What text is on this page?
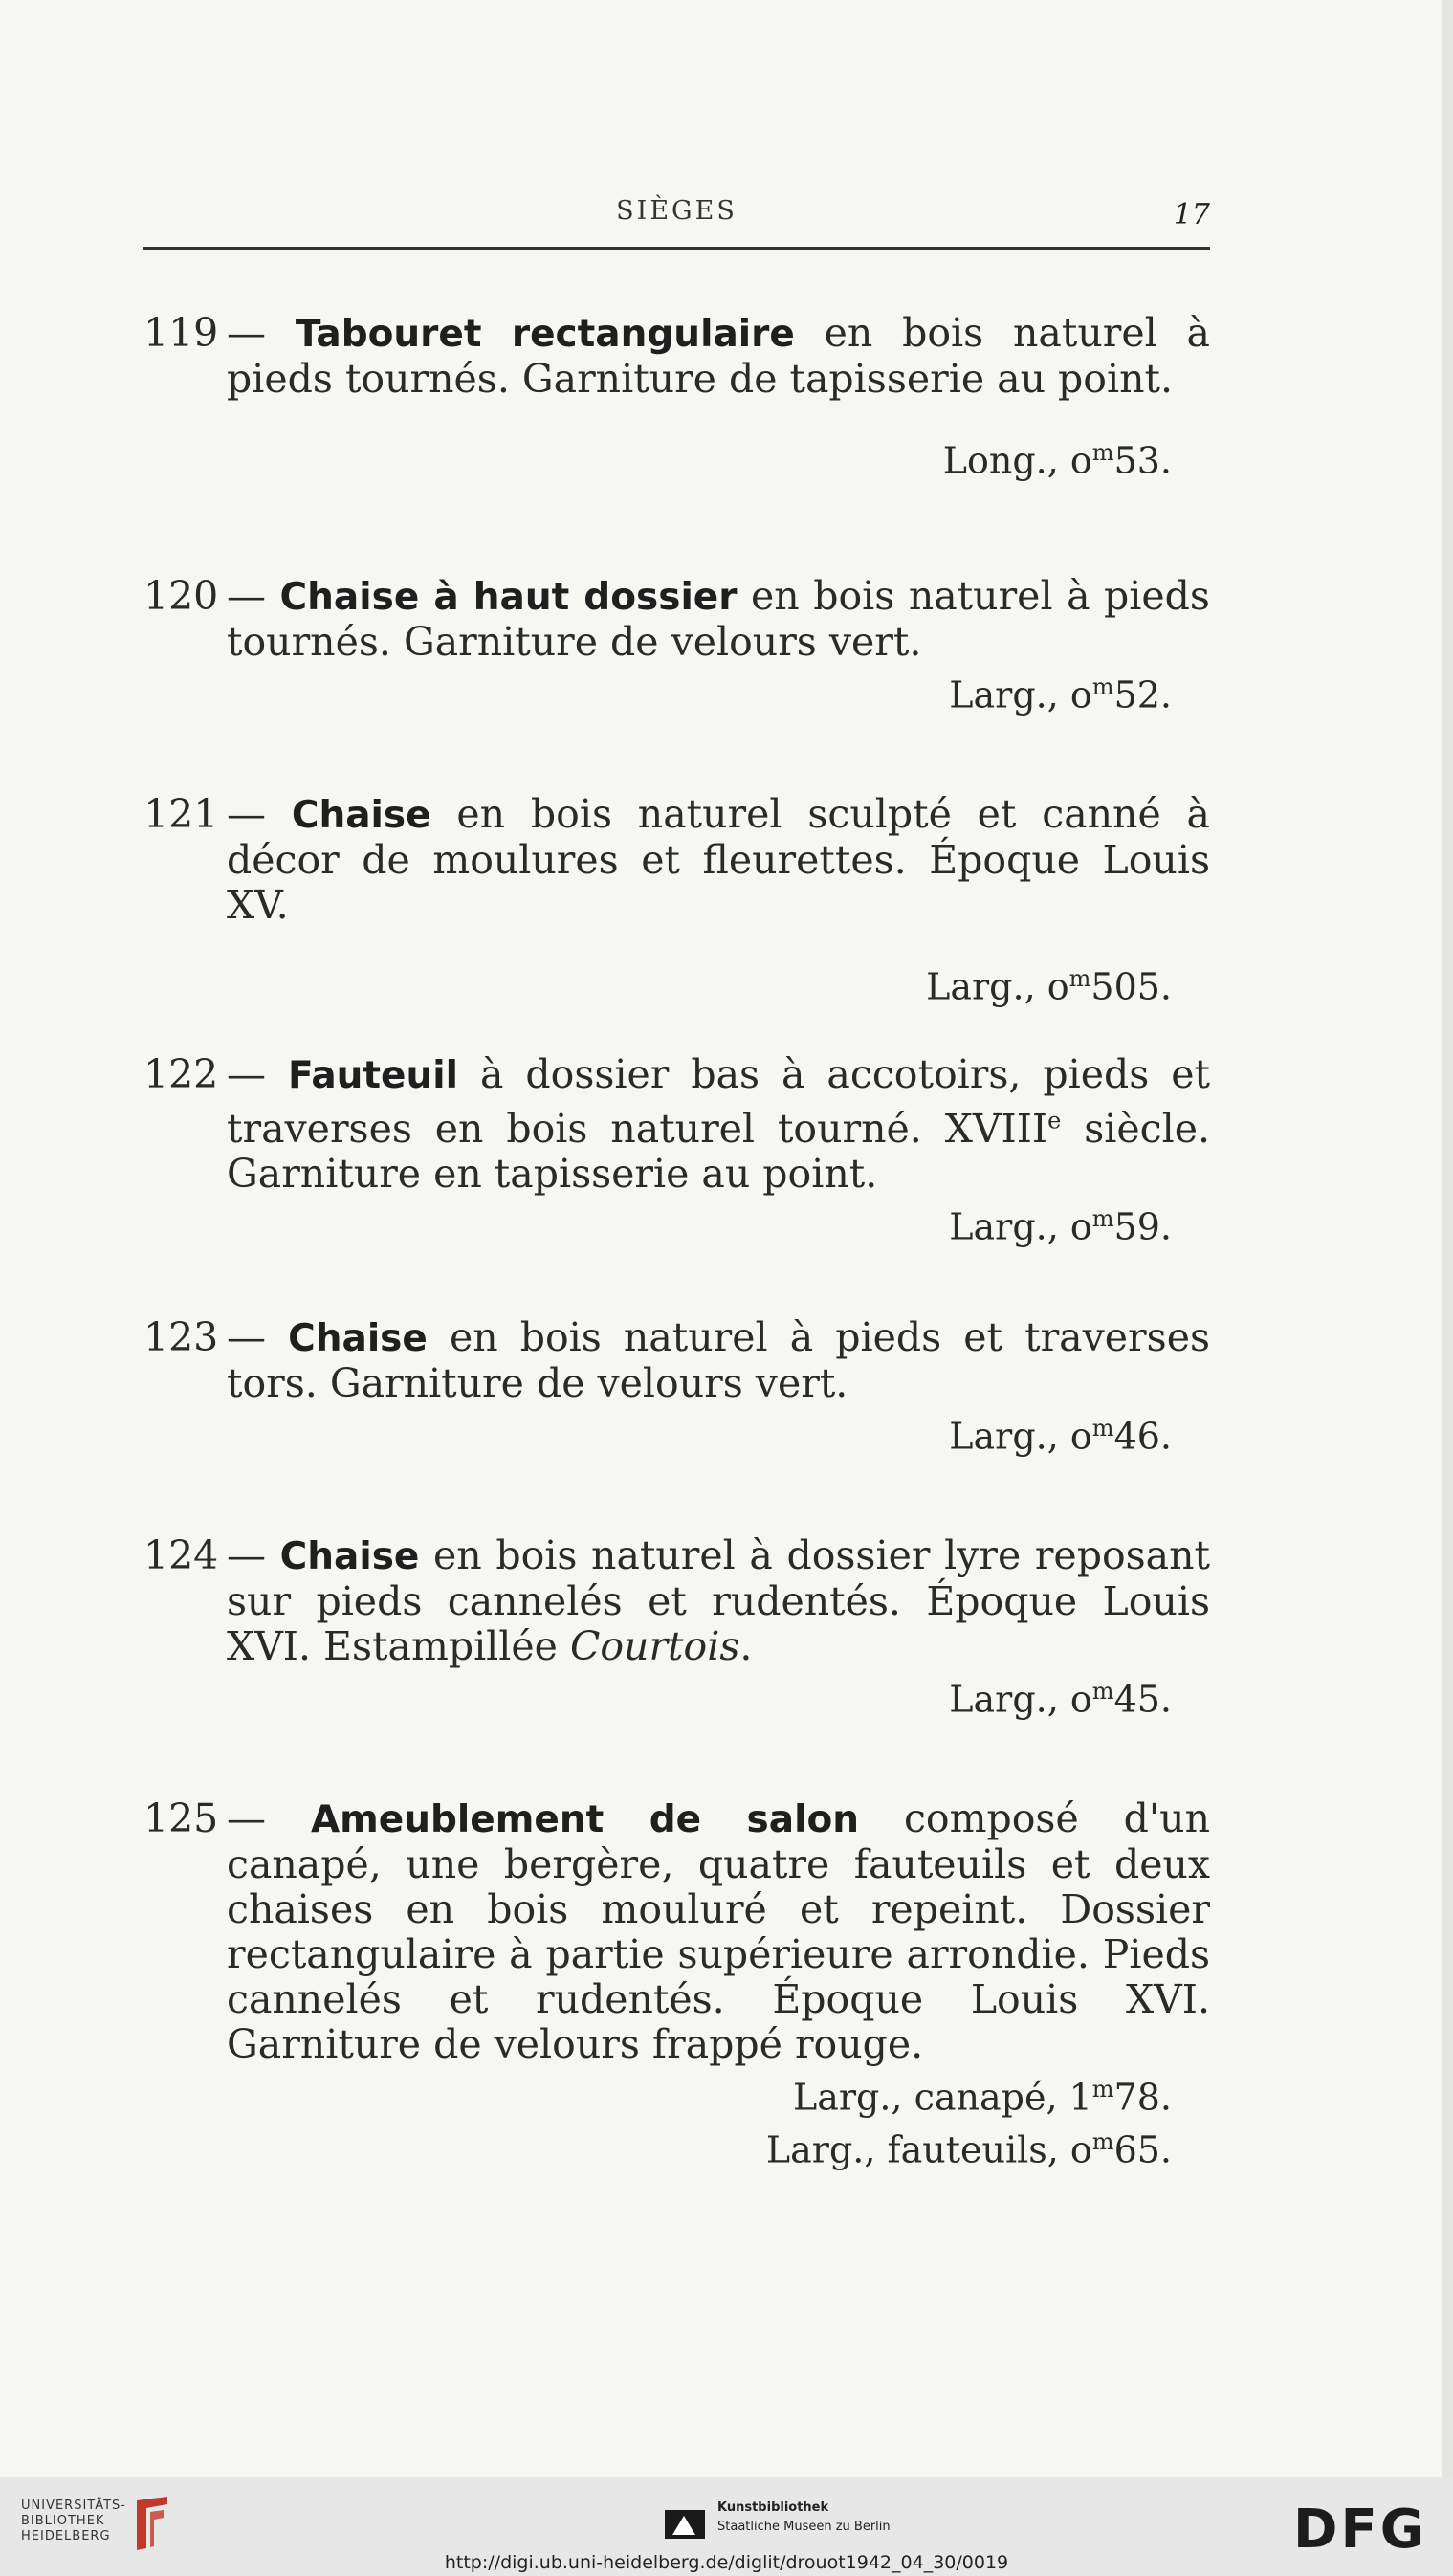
SIÈGES	17
119 — Tabouret rectangulaire en bois naturel à pieds tournés. Garniture de tapisserie au point.
Long., $o^m53$.
120 — Chaise à haut dossier en bois naturel à pieds tournés. Garniture de velours vert.
Larg., $o^m52$.
121 — Chaise en bois naturel sculpté et canné à décor de moulures et fleurettes. Époque Louis XV.
Larg., $o^m505$.
122 — Fauteuil à dossier bas à accotoirs, pieds et traverses en bois naturel tourné. XVIIIe siècle. Garniture en tapisserie au point.
Larg., $o^m59$.
123 — Chaise en bois naturel à pieds et traverses tors. Garniture de velours vert.
Larg., $o^m46$.
124 — Chaise en bois naturel à dossier lyre reposant sur pieds cannelés et rudentés. Époque Louis XVI. Estampillée Courtois.
Larg., $o^m45$.
125 — Ameublement de salon composé d'un canapé, une bergère, quatre fauteuils et deux chaises en bois mouluré et repeint. Dossier rectangulaire à partie supérieure arrondie. Pieds cannelés et rudentés. Époque Louis XVI. Garniture de velours frappé rouge.
Larg., canapé, 1$^m$78.
Larg., fauteuils, $o^m65$.
UNIVERSITÄTS-
BIBLIOTHEK
HEIDELBERG
Kunstbibliothek
Staatliche Museen zu Berlin	DFG
http://digi.ub.uni-heidelberg.de/diglit/drouot1942_04_30/0019
